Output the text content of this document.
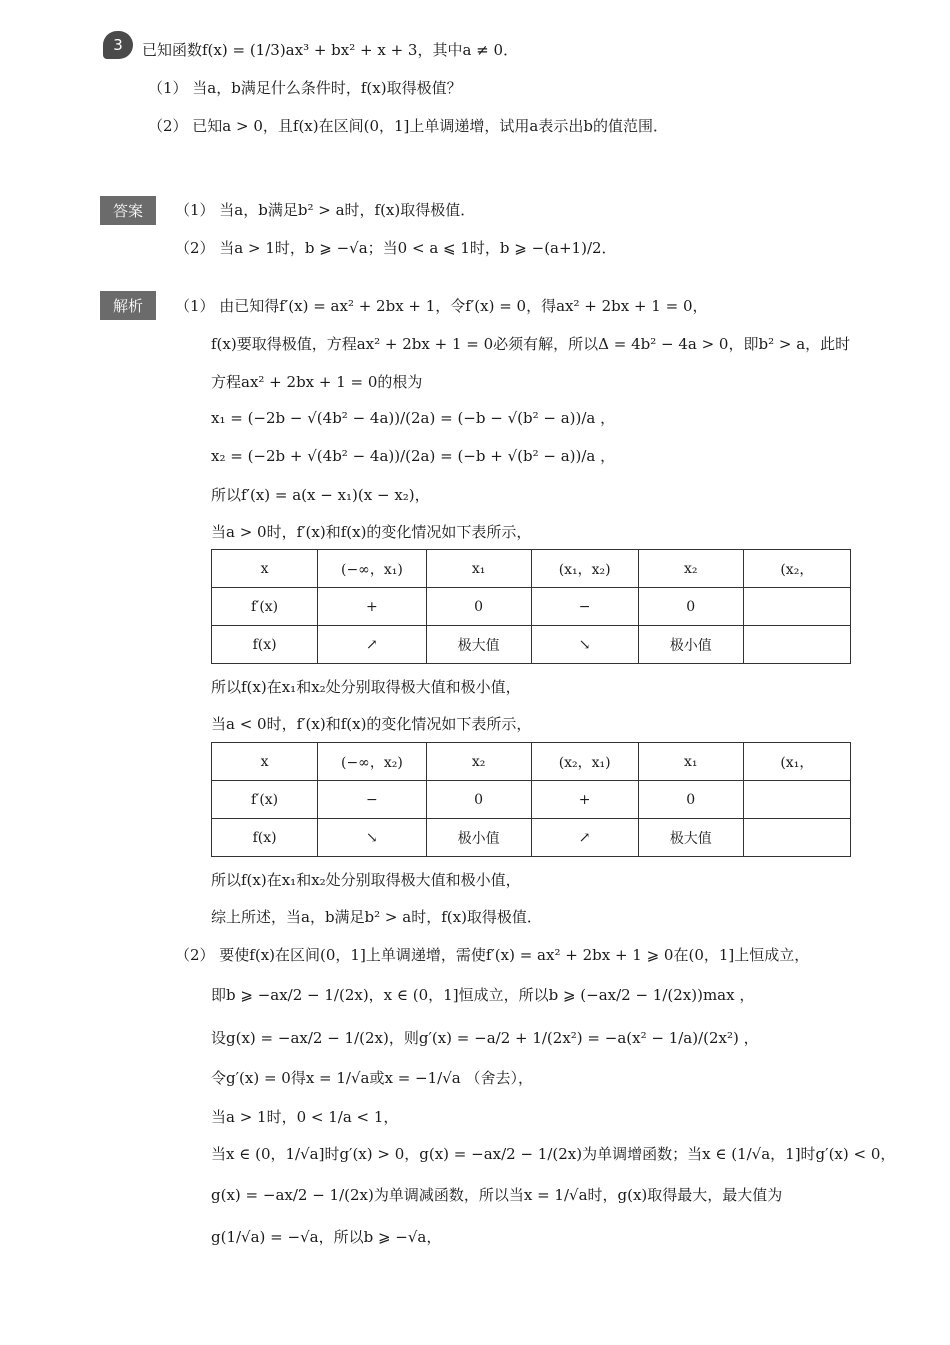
3	已知函数f(x) = (1/3)ax³ + bx² + x + 3，其中a ≠ 0．
（1） 当a，b满足什么条件时，f(x)取得极值？
（2） 已知a > 0，且f(x)在区间(0，1]上单调递增，试用a表示出b的值范围．
答案	（1） 当a，b满足b² > a时，f(x)取得极值．
（2） 当a > 1时，b ⩾ −√a；当0 < a ⩽ 1时，b ⩾ −(a+1)/2．
解析	（1） 由已知得f′(x) = ax² + 2bx + 1，令f′(x) = 0，得ax² + 2bx + 1 = 0，
f(x)要取得极值，方程ax² + 2bx + 1 = 0必须有解，所以Δ = 4b² − 4a > 0，即b² > a，此时
方程ax² + 2bx + 1 = 0的根为
x₁ = (−2b − √(4b² − 4a))/(2a) = (−b − √(b² − a))/a ，
x₂ = (−2b + √(4b² − 4a))/(2a) = (−b + √(b² − a))/a ，
所以f′(x) = a(x − x₁)(x − x₂)，
当a > 0时，f′(x)和f(x)的变化情况如下表所示，
x	(−∞，x₁)	x₁	(x₁，x₂)	x₂	(x₂，
f′(x)	+	0	−	0	
f(x)	↗	极大值	↘	极小值	
所以f(x)在x₁和x₂处分别取得极大值和极小值，
当a < 0时，f′(x)和f(x)的变化情况如下表所示，
x	(−∞，x₂)	x₂	(x₂，x₁)	x₁	(x₁，
f′(x)	−	0	+	0	
f(x)	↘	极小值	↗	极大值	
所以f(x)在x₁和x₂处分别取得极大值和极小值，
综上所述，当a，b满足b² > a时，f(x)取得极值．
（2） 要使f(x)在区间(0，1]上单调递增，需使f′(x) = ax² + 2bx + 1 ⩾ 0在(0，1]上恒成立，
即b ⩾ −ax/2 − 1/(2x)，x ∈ (0，1]恒成立，所以b ⩾ (−ax/2 − 1/(2x))max ，
设g(x) = −ax/2 − 1/(2x)，则g′(x) = −a/2 + 1/(2x²) = −a(x² − 1/a)/(2x²) ，
令g′(x) = 0得x = 1/√a或x = −1/√a （舍去），
当a > 1时，0 < 1/a < 1，
当x ∈ (0，1/√a]时g′(x) > 0，g(x) = −ax/2 − 1/(2x)为单调增函数；当x ∈ (1/√a，1]时g′(x) < 0，
g(x) = −ax/2 − 1/(2x)为单调减函数，所以当x = 1/√a时，g(x)取得最大，最大值为
g(1/√a) = −√a，所以b ⩾ −√a，
